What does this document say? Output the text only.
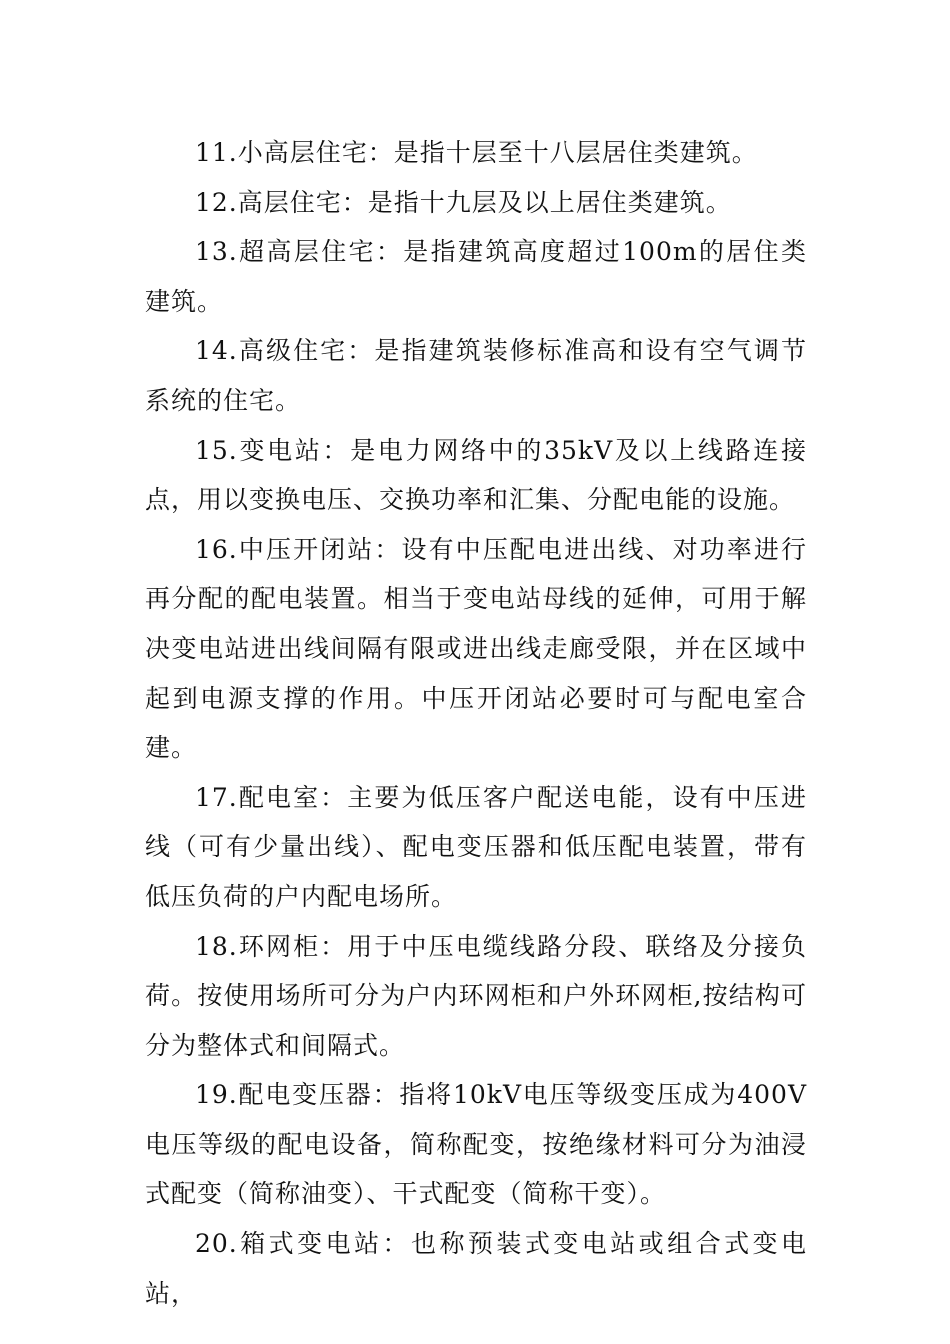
11.小高层住宅：是指十层至十八层居住类建筑。

12.高层住宅：是指十九层及以上居住类建筑。

13.超高层住宅：是指建筑高度超过100m的居住类建筑。

14.高级住宅：是指建筑装修标准高和设有空气调节系统的住宅。

15.变电站：是电力网络中的35kV及以上线路连接点，用以变换电压、交换功率和汇集、分配电能的设施。

16.中压开闭站：设有中压配电进出线、对功率进行再分配的配电装置。相当于变电站母线的延伸，可用于解决变电站进出线间隔有限或进出线走廊受限，并在区域中起到电源支撑的作用。中压开闭站必要时可与配电室合建。

17.配电室：主要为低压客户配送电能，设有中压进线（可有少量出线）、配电变压器和低压配电装置，带有低压负荷的户内配电场所。

18.环网柜：用于中压电缆线路分段、联络及分接负荷。按使用场所可分为户内环网柜和户外环网柜,按结构可分为整体式和间隔式。

19.配电变压器：指将10kV电压等级变压成为400V电压等级的配电设备，简称配变，按绝缘材料可分为油浸式配变（简称油变）、干式配变（简称干变）。

20.箱式变电站：也称预装式变电站或组合式变电站，
